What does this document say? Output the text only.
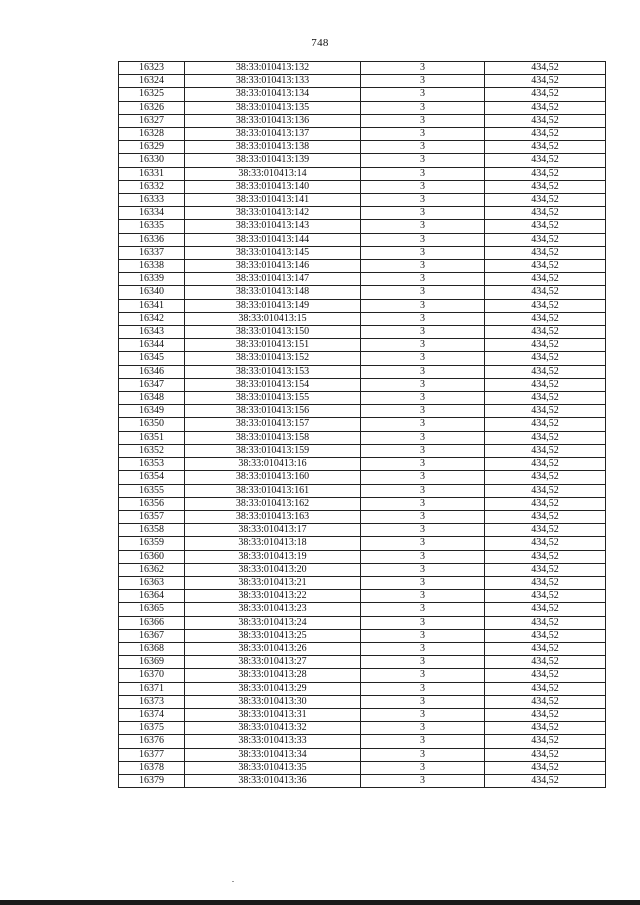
748
16323	38:33:010413:132	3	434,52
16324	38:33:010413:133	3	434,52
16325	38:33:010413:134	3	434,52
16326	38:33:010413:135	3	434,52
16327	38:33:010413:136	3	434,52
16328	38:33:010413:137	3	434,52
16329	38:33:010413:138	3	434,52
16330	38:33:010413:139	3	434,52
16331	38:33:010413:14	3	434,52
16332	38:33:010413:140	3	434,52
16333	38:33:010413:141	3	434,52
16334	38:33:010413:142	3	434,52
16335	38:33:010413:143	3	434,52
16336	38:33:010413:144	3	434,52
16337	38:33:010413:145	3	434,52
16338	38:33:010413:146	3	434,52
16339	38:33:010413:147	3	434,52
16340	38:33:010413:148	3	434,52
16341	38:33:010413:149	3	434,52
16342	38:33:010413:15	3	434,52
16343	38:33:010413:150	3	434,52
16344	38:33:010413:151	3	434,52
16345	38:33:010413:152	3	434,52
16346	38:33:010413:153	3	434,52
16347	38:33:010413:154	3	434,52
16348	38:33:010413:155	3	434,52
16349	38:33:010413:156	3	434,52
16350	38:33:010413:157	3	434,52
16351	38:33:010413:158	3	434,52
16352	38:33:010413:159	3	434,52
16353	38:33:010413:16	3	434,52
16354	38:33:010413:160	3	434,52
16355	38:33:010413:161	3	434,52
16356	38:33:010413:162	3	434,52
16357	38:33:010413:163	3	434,52
16358	38:33:010413:17	3	434,52
16359	38:33:010413:18	3	434,52
16360	38:33:010413:19	3	434,52
16362	38:33:010413:20	3	434,52
16363	38:33:010413:21	3	434,52
16364	38:33:010413:22	3	434,52
16365	38:33:010413:23	3	434,52
16366	38:33:010413:24	3	434,52
16367	38:33:010413:25	3	434,52
16368	38:33:010413:26	3	434,52
16369	38:33:010413:27	3	434,52
16370	38:33:010413:28	3	434,52
16371	38:33:010413:29	3	434,52
16373	38:33:010413:30	3	434,52
16374	38:33:010413:31	3	434,52
16375	38:33:010413:32	3	434,52
16376	38:33:010413:33	3	434,52
16377	38:33:010413:34	3	434,52
16378	38:33:010413:35	3	434,52
16379	38:33:010413:36	3	434,52
